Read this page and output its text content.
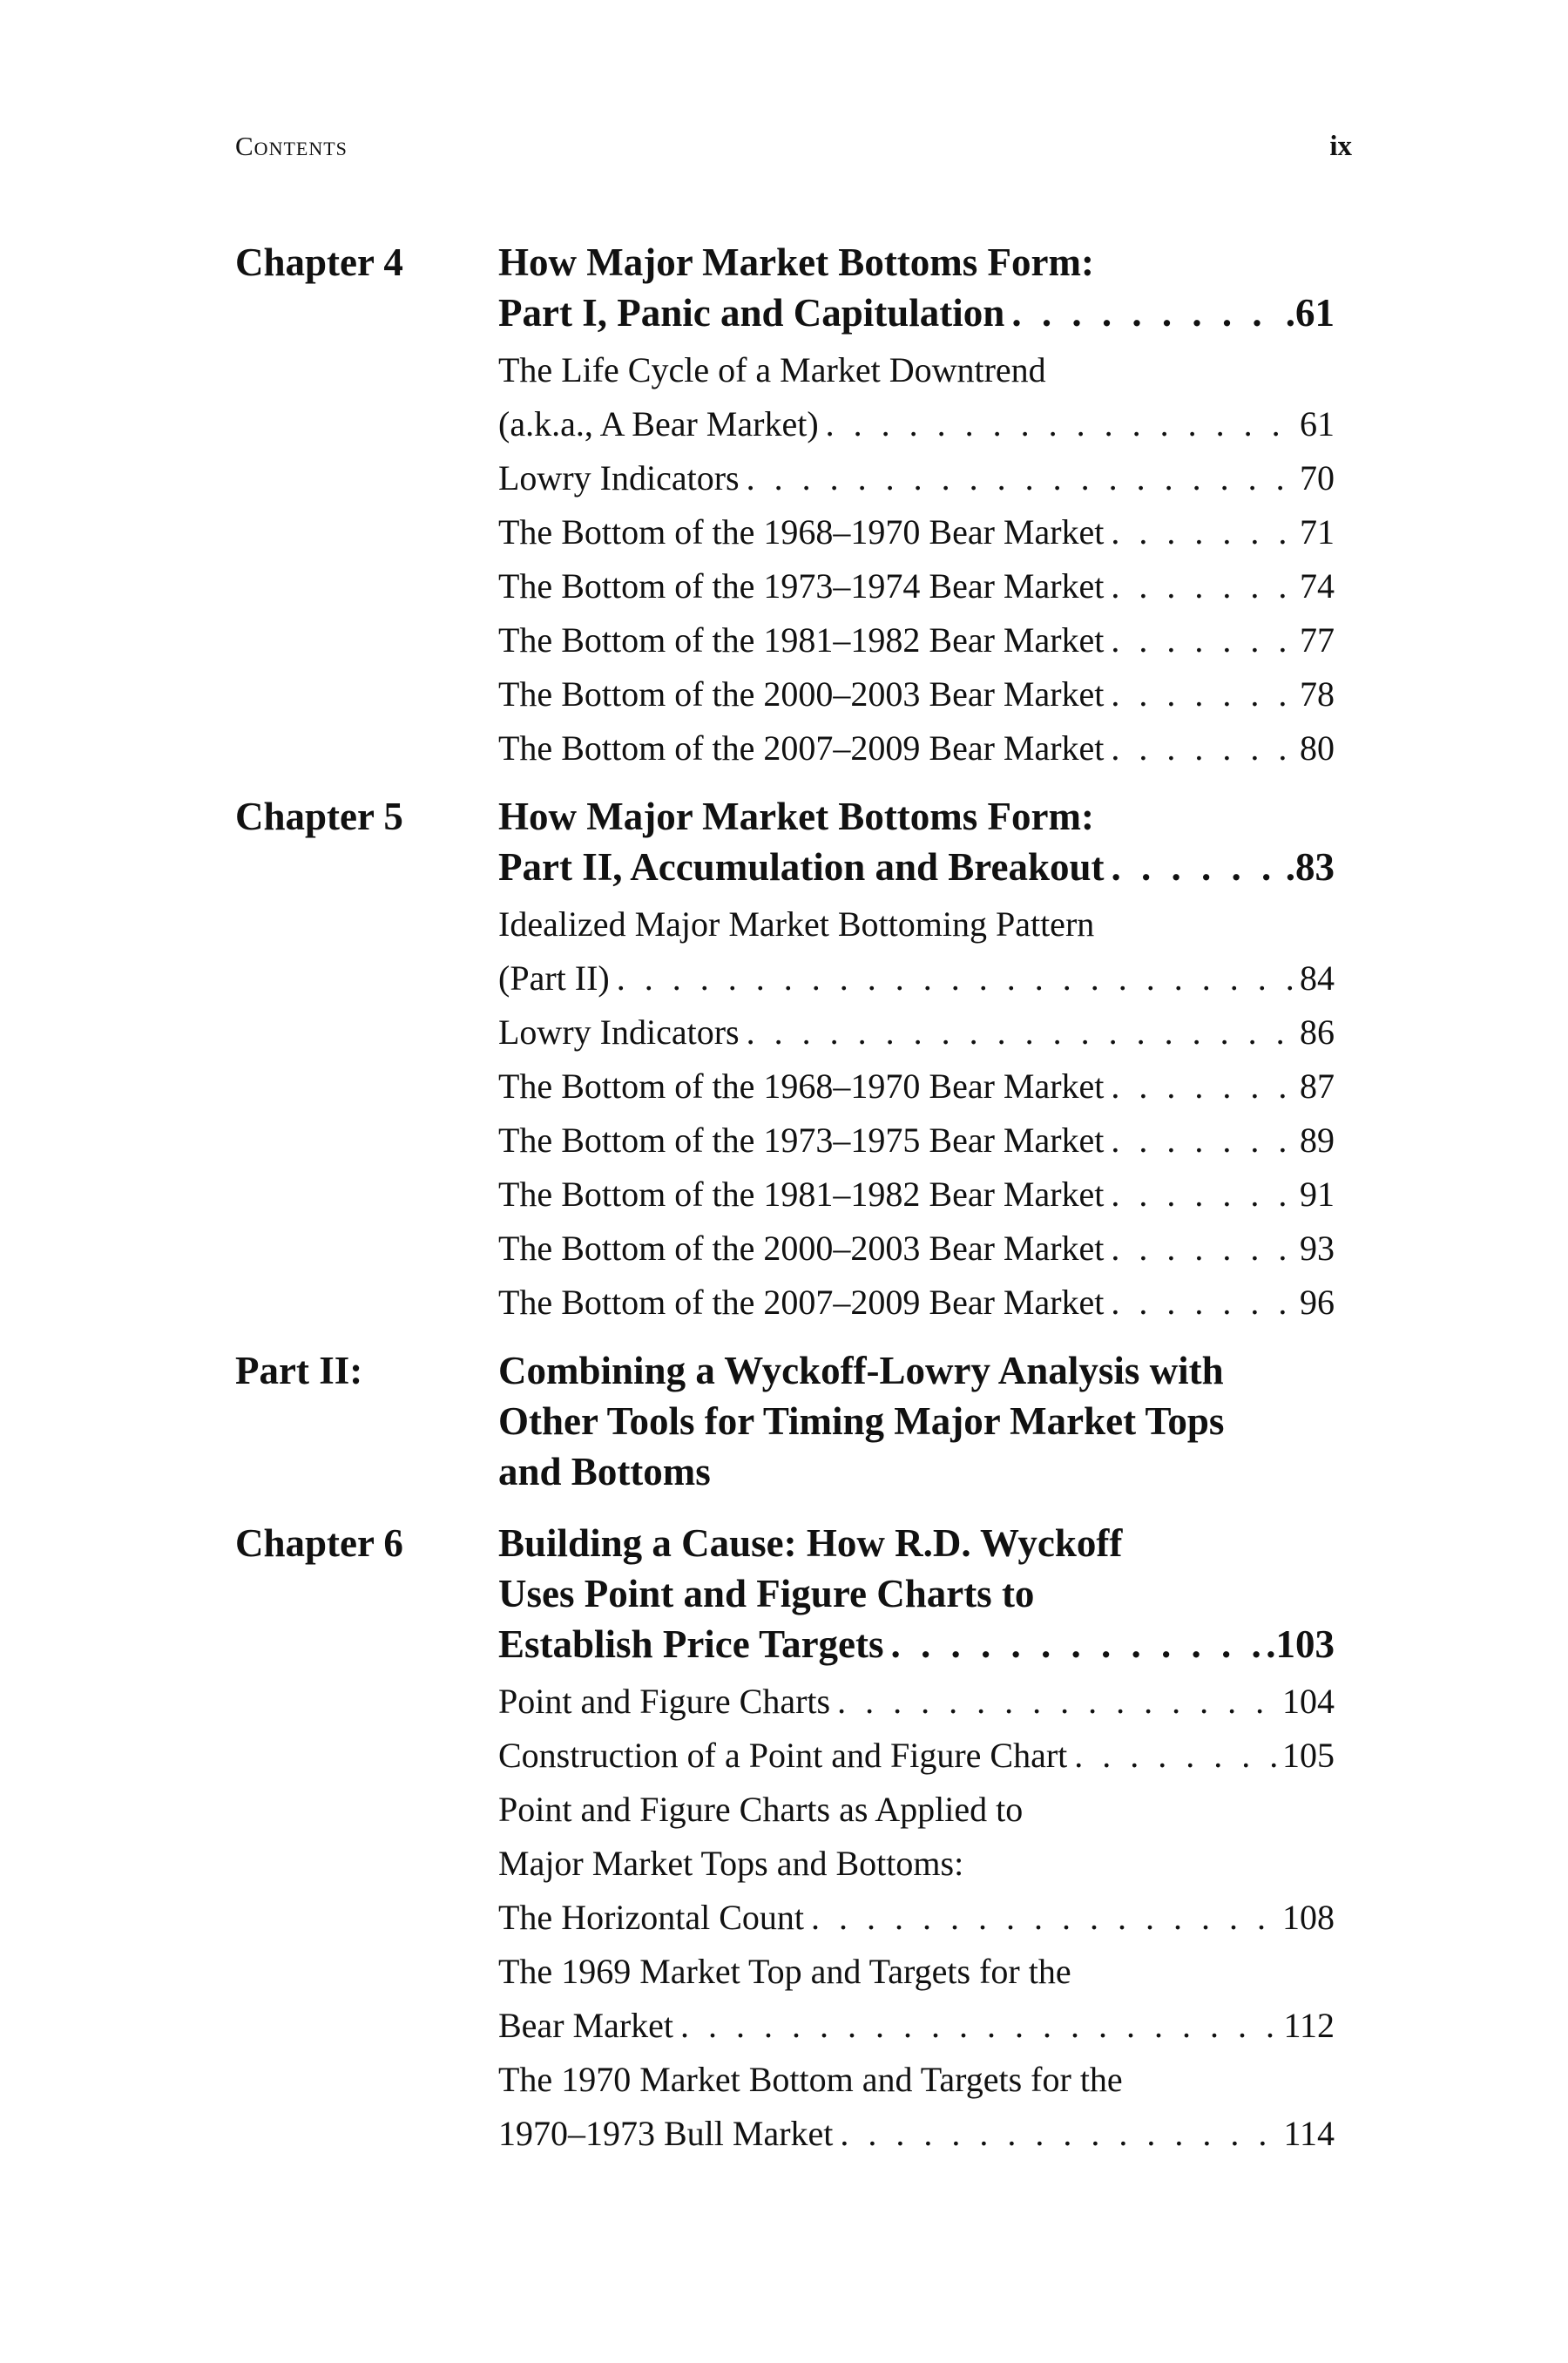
Contents	ix
Chapter 4	How Major Market Bottoms Form:
Part I, Panic and Capitulation . . .	.61
The Life Cycle of a Market Downtrend
(a.k.a., A Bear Market) . . .	61
Lowry Indicators . . .	70
The Bottom of the 1968–1970 Bear Market . . .	71
The Bottom of the 1973–1974 Bear Market . . .	74
The Bottom of the 1981–1982 Bear Market . . .	77
The Bottom of the 2000–2003 Bear Market . . .	78
The Bottom of the 2007–2009 Bear Market . . .	80
Chapter 5	How Major Market Bottoms Form:
Part II, Accumulation and Breakout . . .	.83
Idealized Major Market Bottoming Pattern
(Part II) . . .	84
Lowry Indicators . . .	86
The Bottom of the 1968–1970 Bear Market . . .	87
The Bottom of the 1973–1975 Bear Market . . .	89
The Bottom of the 1981–1982 Bear Market . . .	91
The Bottom of the 2000–2003 Bear Market . . .	93
The Bottom of the 2007–2009 Bear Market . . .	96
Part II:	Combining a Wyckoff-Lowry Analysis with
Other Tools for Timing Major Market Tops
and Bottoms
Chapter 6	Building a Cause: How R.D. Wyckoff
Uses Point and Figure Charts to
Establish Price Targets . . .	.103
Point and Figure Charts . . .	104
Construction of a Point and Figure Chart . . .	105
Point and Figure Charts as Applied to
Major Market Tops and Bottoms:
The Horizontal Count . . .	108
The 1969 Market Top and Targets for the
Bear Market . . .	112
The 1970 Market Bottom and Targets for the
1970–1973 Bull Market . . .	114
